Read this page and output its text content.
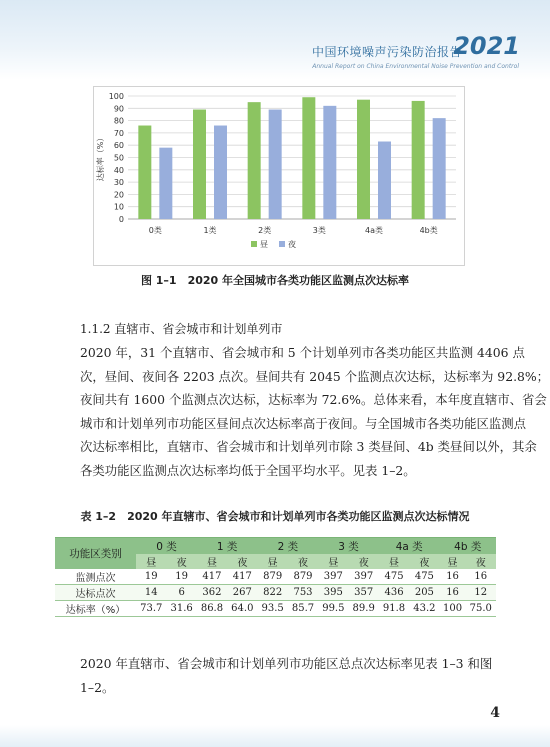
中国环境噪声污染防治报告
2021
Annual Report on China Environmental Noise Prevention and Control
0
10
20
30
40
50
60
70
80
90
100
达标率（%）
0类	1类	2类	3类	4a类	4b类
昼	夜
图 1–1　2020 年全国城市各类功能区监测点次达标率
1.1.2 直辖市、省会城市和计划单列市
2020 年，31 个直辖市、省会城市和 5 个计划单列市各类功能区共监测 4406 点
次，昼间、夜间各 2203 点次。昼间共有 2045 个监测点次达标，达标率为 92.8%；
夜间共有 1600 个监测点次达标，达标率为 72.6%。总体来看，本年度直辖市、省会
城市和计划单列市功能区昼间点次达标率高于夜间。与全国城市各类功能区监测点
次达标率相比，直辖市、省会城市和计划单列市除 3 类昼间、4b 类昼间以外，其余
各类功能区监测点次达标率均低于全国平均水平。见表 1–2。
表 1–2　2020 年直辖市、省会城市和计划单列市各类功能区监测点次达标情况
功能区类别	0 类		1 类		2 类		3 类		4a 类		4b 类	
	昼	夜	昼	夜	昼	夜	昼	夜	昼	夜	昼	夜
监测点次	19	19	417	417	879	879	397	397	475	475	16	16
达标点次	14	6	362	267	822	753	395	357	436	205	16	12
达标率（%）	73.7	31.6	86.8	64.0	93.5	85.7	99.5	89.9	91.8	43.2	100	75.0
2020 年直辖市、省会城市和计划单列市功能区总点次达标率见表 1–3 和图
1–2。
4
